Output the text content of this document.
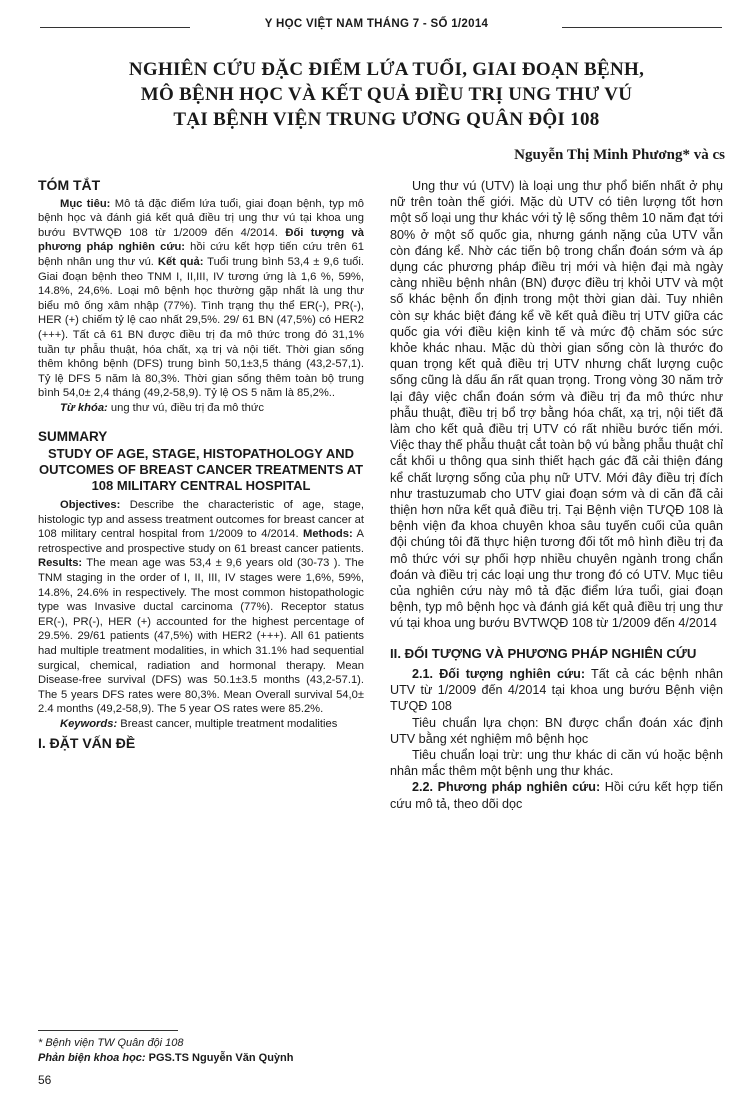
Y HỌC VIỆT NAM THÁNG 7 - SỐ 1/2014
NGHIÊN CỨU ĐẶC ĐIỂM LỨA TUỔI, GIAI ĐOẠN BỆNH,
MÔ BỆNH HỌC VÀ KẾT QUẢ ĐIỀU TRỊ UNG THƯ VÚ
TẠI BỆNH VIỆN TRUNG ƯƠNG QUÂN ĐỘI 108
Nguyễn Thị Minh Phương* và cs
TÓM TẮT

Mục tiêu: Mô tả đặc điểm lứa tuổi, giai đoạn bệnh, typ mô bệnh học và đánh giá kết quả điều trị ung thư vú tại khoa ung bướu BVTWQĐ 108 từ 1/2009 đến 4/2014. Đối tượng và phương pháp nghiên cứu: hồi cứu kết hợp tiến cứu trên 61 bệnh nhân ung thư vú. Kết quả: Tuổi trung bình 53,4 ± 9,6 tuổi. Giai đoạn bệnh theo TNM I, II,III, IV tương ứng là 1,6 %, 59%, 14.8%, 24,6%. Loại mô bệnh học thường gặp nhất là ung thư biểu mô ống xâm nhập (77%). Tình trạng thụ thể ER(-), PR(-), HER (+) chiếm tỷ lệ cao nhất 29,5%. 29/ 61 BN (47,5%) có HER2 (+++). Tất cả 61 BN được điều trị đa mô thức trong đó 31,1% tuần tự phẫu thuật, hóa chất, xạ trị và nội tiết. Thời gian sống thêm không bệnh (DFS) trung bình 50,1±3,5 tháng (43,2-57,1). Tỷ lệ DFS 5 năm là 80,3%. Thời gian sống thêm toàn bộ trung bình 54,0± 2,4 tháng (49,2-58,9). Tỷ lệ OS 5 năm là 85,2%..

Từ khóa: ung thư vú, điều trị đa mô thức

SUMMARY
STUDY OF AGE, STAGE, HISTOPATHOLOGY AND OUTCOMES OF BREAST CANCER TREATMENTS AT 108 MILITARY CENTRAL HOSPITAL

Objectives: Describe the characteristic of age, stage, histologic typ and assess treatment outcomes for breast cancer at 108 military central hospital from 1/2009 to 4/2014. Methods: A retrospective and prospective study on 61 breast cancer patients. Results: The mean age was 53,4 ± 9,6 years old (30-73 ). The TNM staging in the order of I, II, III, IV stages were 1,6%, 59%, 14.8%, 24.6% in respectively. The most common histopathologic type was Invasive ductal carcinoma (77%). Receptor status ER(-), PR(-), HER (+) accounted for the highest percentage of 29.5%. 29/61 patients (47,5%) with HER2 (+++). All 61 patients had multiple treatment modalities, in which 31.1% had sequential surgical, chemical, radiation and hormonal therapy. Mean Disease-free survival (DFS) was 50.1±3.5 months (43,2-57.1). The 5 years DFS rates were 80,3%. Mean Overall survival 54,0± 2.4 months (49,2-58,9). The 5 year OS rates were 85.2%.

Keywords: Breast cancer, multiple treatment modalities

I. ĐẶT VẤN ĐỀ

Ung thư vú (UTV) là loại ung thư phổ biến nhất ở phụ nữ trên toàn thế giới. Mặc dù UTV có tiên lượng tốt hơn một số loại ung thư khác với tỷ lệ sống thêm 10 năm đạt tới 80% ở một số quốc gia, nhưng gánh nặng của UTV vẫn còn đáng kể. Nhờ các tiến bộ trong chẩn đoán sớm và áp dụng các phương pháp điều trị mới và hiện đại mà ngày càng nhiều bệnh nhân (BN) được điều trị khỏi UTV và một số khác bệnh ổn định trong một thời gian dài. Tuy nhiên còn sự khác biệt đáng kể về kết quả điều trị UTV giữa các quốc gia với điều kiện kinh tế và mức độ chăm sóc sức khỏe khác nhau. Mặc dù thời gian sống còn là thước đo quan trọng kết quả điều trị UTV nhưng chất lượng cuộc sống cũng là dấu ấn rất quan trọng. Trong vòng 30 năm trở lại đây việc chẩn đoán sớm và điều trị đa mô thức như phẫu thuật, điều trị bổ trợ bằng hóa chất, xạ trị, nội tiết đã làm cho kết quả điều trị UTV có rất nhiều bước tiến mới. Việc thay thế phẫu thuật cắt toàn bộ vú bằng phẫu thuật chỉ cắt khối u thông qua sinh thiết hạch gác đã cải thiện đáng kể chất lượng sống của phụ nữ UTV. Mới đây điều trị đích như trastuzumab cho UTV giai đoạn sớm và di căn đã cải thiện hơn nữa kết quả điều trị. Tại Bệnh viện TƯQĐ 108 là bệnh viện đa khoa chuyên khoa sâu tuyến cuối của quân đội chúng tôi đã thực hiện tương đối tốt mô hình điều trị đa mô thức với sự phối hợp nhiều chuyên ngành trong chẩn đoán và điều trị các loại ung thư trong đó có UTV. Mục tiêu của nghiên cứu này mô tả đặc điểm lứa tuổi, giai đoạn bệnh, typ mô bệnh học và đánh giá kết quả điều trị ung thư vú tại khoa ung bướu BVTWQĐ 108 từ 1/2009 đến 4/2014

II. ĐỐI TƯỢNG VÀ PHƯƠNG PHÁP NGHIÊN CỨU

2.1. Đối tượng nghiên cứu: Tất cả các bệnh nhân UTV từ 1/2009 đến 4/2014 tại khoa ung bướu Bệnh viện TƯQĐ 108

Tiêu chuẩn lựa chọn: BN được chẩn đoán xác định UTV bằng xét nghiệm mô bệnh học

Tiêu chuẩn loại trừ: ung thư khác di căn vú hoặc bệnh nhân mắc thêm một bệnh ung thư khác.

2.2. Phương pháp nghiên cứu: Hồi cứu kết hợp tiến cứu mô tả, theo dõi dọc

* Bệnh viện TW Quân đội 108
Phản biện khoa học: PGS.TS Nguyễn Văn Quỳnh
56
